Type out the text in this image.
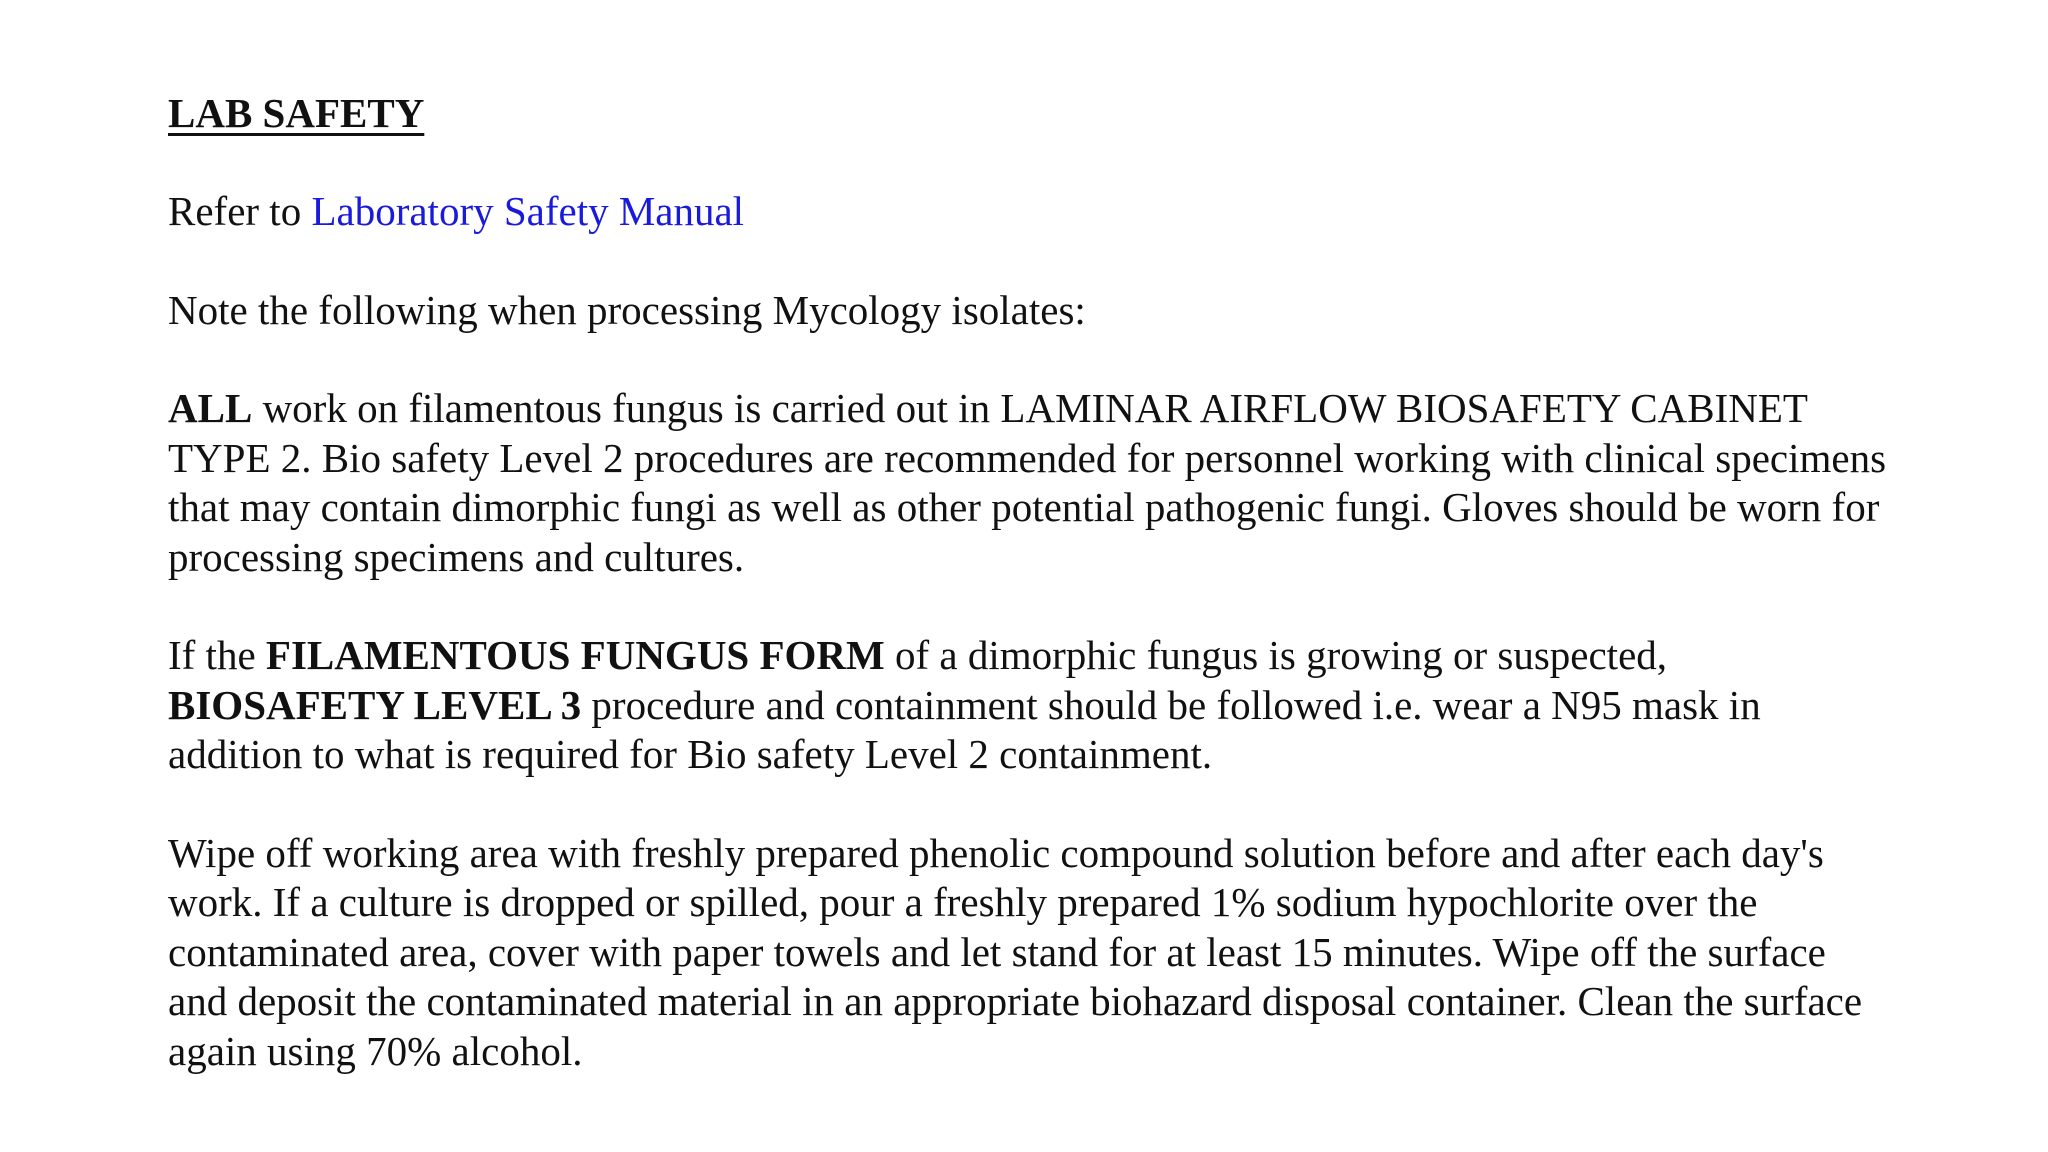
LAB SAFETY

Refer to Laboratory Safety Manual

Note the following when processing Mycology isolates:

ALL work on filamentous fungus is carried out in LAMINAR AIRFLOW BIOSAFETY CABINET TYPE 2. Bio safety Level 2 procedures are recommended for personnel working with clinical specimens that may contain dimorphic fungi as well as other potential pathogenic fungi. Gloves should be worn for processing specimens and cultures.

If the FILAMENTOUS FUNGUS FORM of a dimorphic fungus is growing or suspected, BIOSAFETY LEVEL 3 procedure and containment should be followed i.e. wear a N95 mask in addition to what is required for Bio safety Level 2 containment.

Wipe off working area with freshly prepared phenolic compound solution before and after each day's work. If a culture is dropped or spilled, pour a freshly prepared 1% sodium hypochlorite over the contaminated area, cover with paper towels and let stand for at least 15 minutes. Wipe off the surface and deposit the contaminated material in an appropriate biohazard disposal container. Clean the surface again using 70% alcohol.
